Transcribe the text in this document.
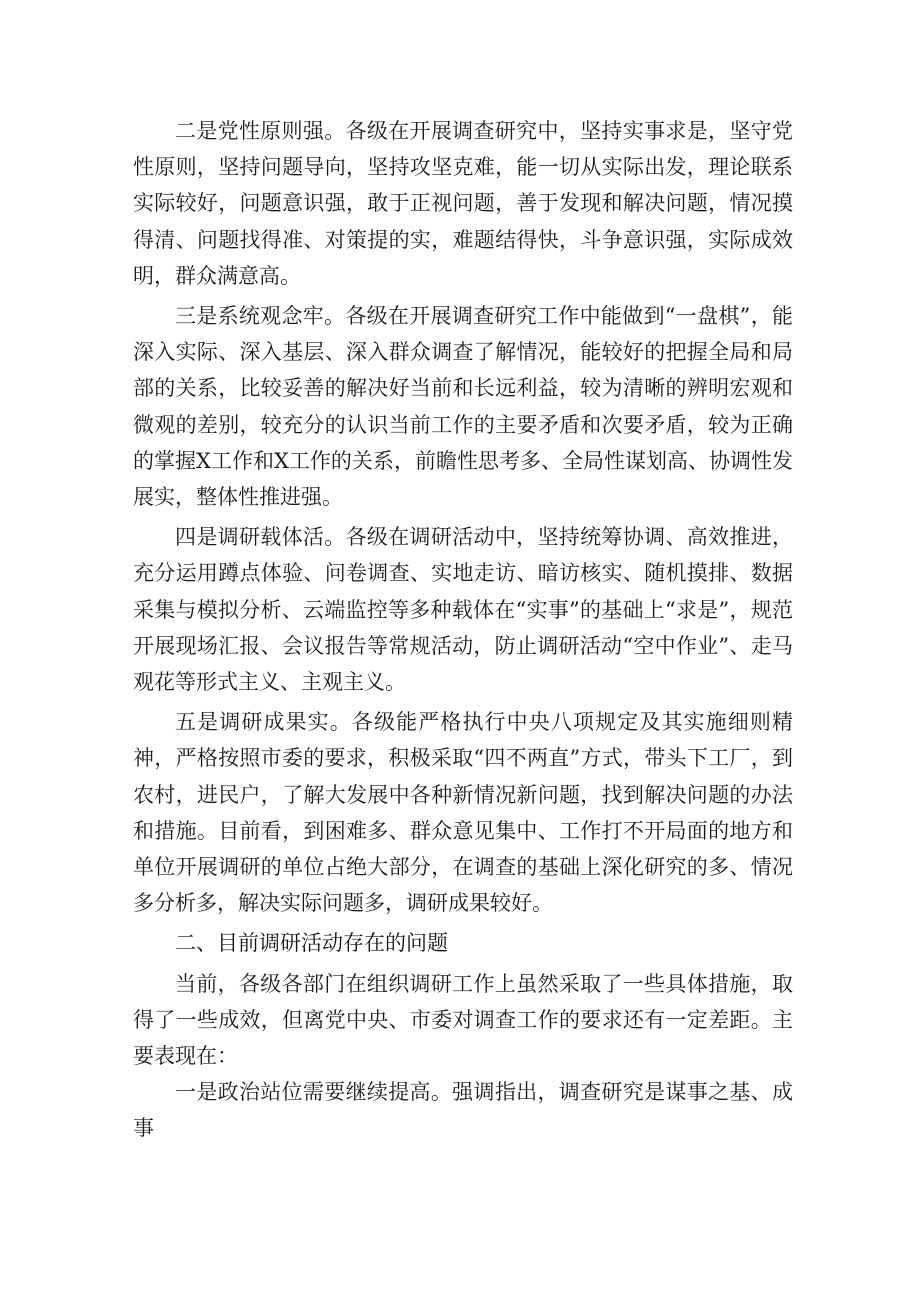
二是党性原则强。各级在开展调查研究中，坚持实事求是，坚守党性原则，坚持问题导向，坚持攻坚克难，能一切从实际出发，理论联系实际较好，问题意识强，敢于正视问题，善于发现和解决问题，情况摸得清、问题找得准、对策提的实，难题结得快，斗争意识强，实际成效明，群众满意高。

三是系统观念牢。各级在开展调查研究工作中能做到“一盘棋”，能深入实际、深入基层、深入群众调查了解情况，能较好的把握全局和局部的关系，比较妥善的解决好当前和长远利益，较为清晰的辨明宏观和微观的差别，较充分的认识当前工作的主要矛盾和次要矛盾，较为正确的掌握X工作和X工作的关系，前瞻性思考多、全局性谋划高、协调性发展实，整体性推进强。

四是调研载体活。各级在调研活动中，坚持统筹协调、高效推进，充分运用蹲点体验、问卷调查、实地走访、暗访核实、随机摸排、数据采集与模拟分析、云端监控等多种载体在“实事”的基础上“求是”，规范开展现场汇报、会议报告等常规活动，防止调研活动“空中作业”、走马观花等形式主义、主观主义。

五是调研成果实。各级能严格执行中央八项规定及其实施细则精神，严格按照市委的要求，积极采取“四不两直”方式，带头下工厂，到农村，进民户，了解大发展中各种新情况新问题，找到解决问题的办法和措施。目前看，到困难多、群众意见集中、工作打不开局面的地方和单位开展调研的单位占绝大部分，在调查的基础上深化研究的多、情况多分析多，解决实际问题多，调研成果较好。

二、目前调研活动存在的问题

当前，各级各部门在组织调研工作上虽然采取了一些具体措施，取得了一些成效，但离党中央、市委对调查工作的要求还有一定差距。主要表现在：

一是政治站位需要继续提高。强调指出，调查研究是谋事之基、成事
